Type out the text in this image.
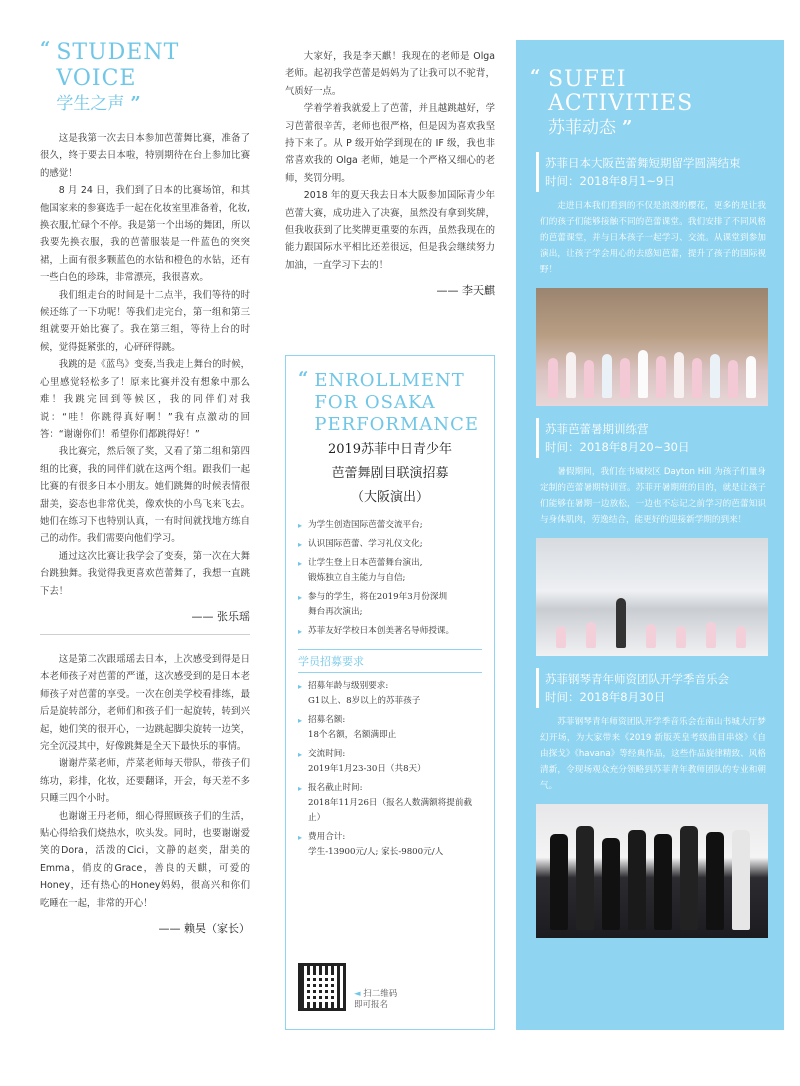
“ STUDENT
VOICE
学生之声 ”

这是我第一次去日本参加芭蕾舞比赛，准备了很久，终于要去日本啦，特别期待在台上参加比赛的感觉！

8 月 24 日，我们到了日本的比赛场馆，和其他国家来的参赛选手一起在化妆室里准备着，化妆,换衣服,忙碌个不停。我是第一个出场的舞团，所以我要先换衣服，我的芭蕾服装是一件蓝色的突突裙，上面有很多颗蓝色的水钻和橙色的水钻，还有一些白色的珍珠，非常漂亮，我很喜欢。

我们组走台的时间是十二点半，我们等待的时候还练了一下功呢！等我们走完台，第一组和第三组就要开始比赛了。我在第三组，等待上台的时候，觉得挺紧张的，心砰砰得跳。

我跳的是《蓝鸟》变奏,当我走上舞台的时候，心里感觉轻松多了！原来比赛并没有想象中那么难！我跳完回到等候区，我的同伴们对我说：“哇！你跳得真好啊！”我有点激动的回答：“谢谢你们！希望你们都跳得好！”

我比赛完，然后领了奖，又看了第二组和第四组的比赛，我的同伴们就在这两个组。跟我们一起比赛的有很多日本小朋友。她们跳舞的时候表情很甜美，姿态也非常优美，像欢快的小鸟飞来飞去。她们在练习下也特别认真，一有时间就找地方练自己的动作。我们需要向他们学习。

通过这次比赛让我学会了变奏，第一次在大舞台跳独舞。我觉得我更喜欢芭蕾舞了，我想一直跳下去！

—— 张乐瑶

这是第二次跟瑶瑶去日本，上次感受到得是日本老师孩子对芭蕾的严谨，这次感受到的是日本老师孩子对芭蕾的享受。一次在创美学校看排练，最后是旋转部分，老师们和孩子们一起旋转，转到兴起，她们笑的很开心，一边跳起脚尖旋转一边笑，完全沉浸其中，好像跳舞是全天下最快乐的事情。

谢谢芹菜老师，芹菜老师每天带队，带孩子们练功，彩排，化妆，还要翻译，开会，每天差不多只睡三四个小时。

也谢谢王丹老师，细心得照顾孩子们的生活，贴心得给我们烧热水，吹头发。同时，也要谢谢爱笑的Dora，活泼的Cici，文静的赵奕，甜美的Emma，俏皮的Grace，善良的天麒，可爱的Honey，还有热心的Honey妈妈，很高兴和你们吃睡在一起，非常的开心！

—— 赖昊（家长）

大家好，我是李天麒！我现在的老师是 Olga 老师。起初我学芭蕾是妈妈为了让我可以不驼背，气质好一点。

学着学着我就爱上了芭蕾，并且越跳越好，学习芭蕾很辛苦，老师也很严格，但是因为喜欢我坚持下来了。从 P 级开始学到现在的 IF 级，我也非常喜欢我的 Olga 老师，她是一个严格又细心的老师，奖罚分明。

2018 年的夏天我去日本大阪参加国际青少年芭蕾大赛，成功进入了决赛，虽然没有拿到奖牌，但我收获到了比奖牌更重要的东西，虽然我现在的能力跟国际水平相比还差很远，但是我会继续努力加油，一直学习下去的！

—— 李天麒
“ ENROLLMENT
FOR OSAKA
PERFORMANCE
2019苏菲中日青少年
芭蕾舞剧目联演招募
（大阪演出）
▸ 为学生创造国际芭蕾交流平台;
▸ 认识国际芭蕾、学习礼仪文化;
▸ 让学生登上日本芭蕾舞台演出,
锻炼独立自主能力与自信;
▸ 参与的学生，将在2019年3月份深圳
舞台再次演出;
▸ 苏菲友好学校日本创美著名导师授课。
学员招募要求
▸ 招募年龄与级别要求:
G1以上、8岁以上的苏菲孩子
▸ 招募名额:
18个名额，名额满即止
▸ 交流时间:
2019年1月23-30日（共8天）
▸ 报名截止时间:
2018年11月26日（报名人数满额将提前截止）
▸ 费用合计:
学生-13900元/人; 家长-9800元/人
◄ 扫二维码
即可报名
“ SUFEI
ACTIVITIES
苏菲动态 ”
苏菲日本大阪芭蕾舞短期留学圆满结束
时间：2018年8月1~9日

走进日本我们看到的不仅是浪漫的樱花，更多的是让我们的孩子们能够接触不同的芭蕾课堂。我们安排了不同风格的芭蕾课堂，并与日本孩子一起学习、交流。从课堂到参加演出，让孩子学会用心的去感知芭蕾，提升了孩子的国际视野！

苏菲芭蕾暑期训练营
时间：2018年8月20~30日

暑假期间，我们在书城校区 Dayton Hill 为孩子们量身定制的芭蕾暑期特训营。苏菲开暑期班的目的，就是让孩子们能够在暑期一边放松，一边也不忘记之前学习的芭蕾知识与身体肌肉，劳逸结合，能更好的迎接新学期的到来！

苏菲钢琴青年师资团队开学季音乐会
时间：2018年8月30日

苏菲钢琴青年师资团队开学季音乐会在南山书城大厅梦幻开场，为大家带来《2019 新版英皇考级曲目串烧》《自由探戈》《havana》等经典作品，这些作品旋律精致、风格清新，令现场观众充分领略到苏菲青年教师团队的专业和朝气。
